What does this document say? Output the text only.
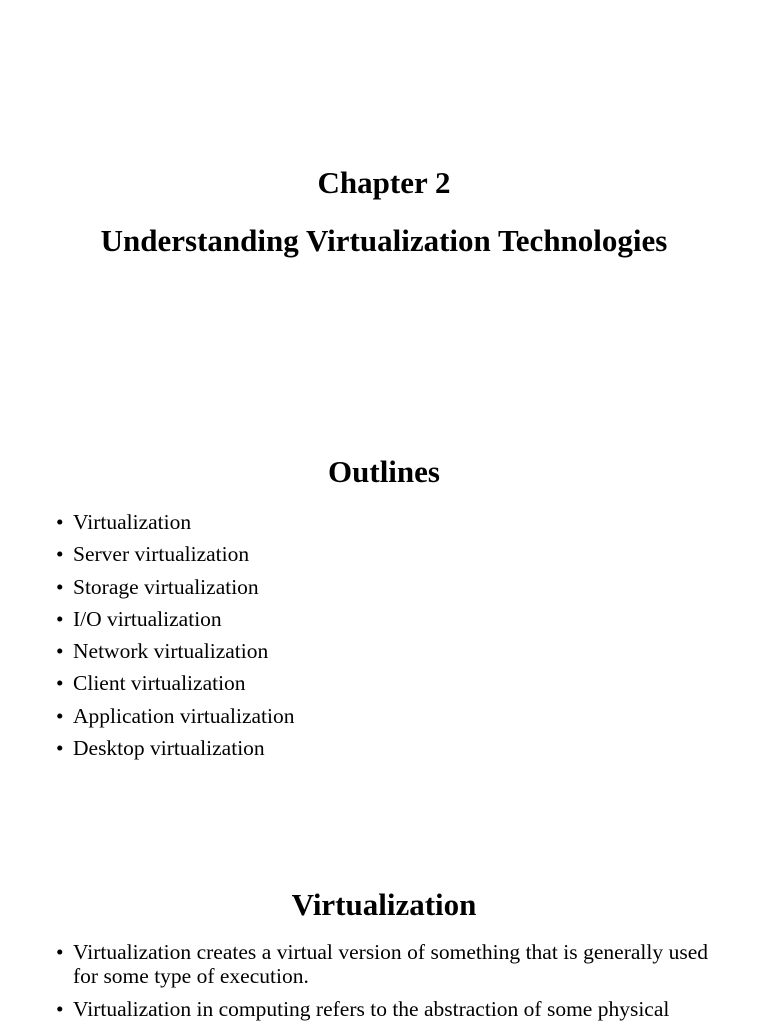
Chapter 2
Understanding Virtualization Technologies
Outlines
• Virtualization
• Server virtualization
• Storage virtualization
• I/O virtualization
• Network virtualization
• Client virtualization
• Application virtualization
• Desktop virtualization
Virtualization
• Virtualization creates a virtual version of something that is generally used for some type of execution.
• Virtualization in computing refers to the abstraction of some physical
